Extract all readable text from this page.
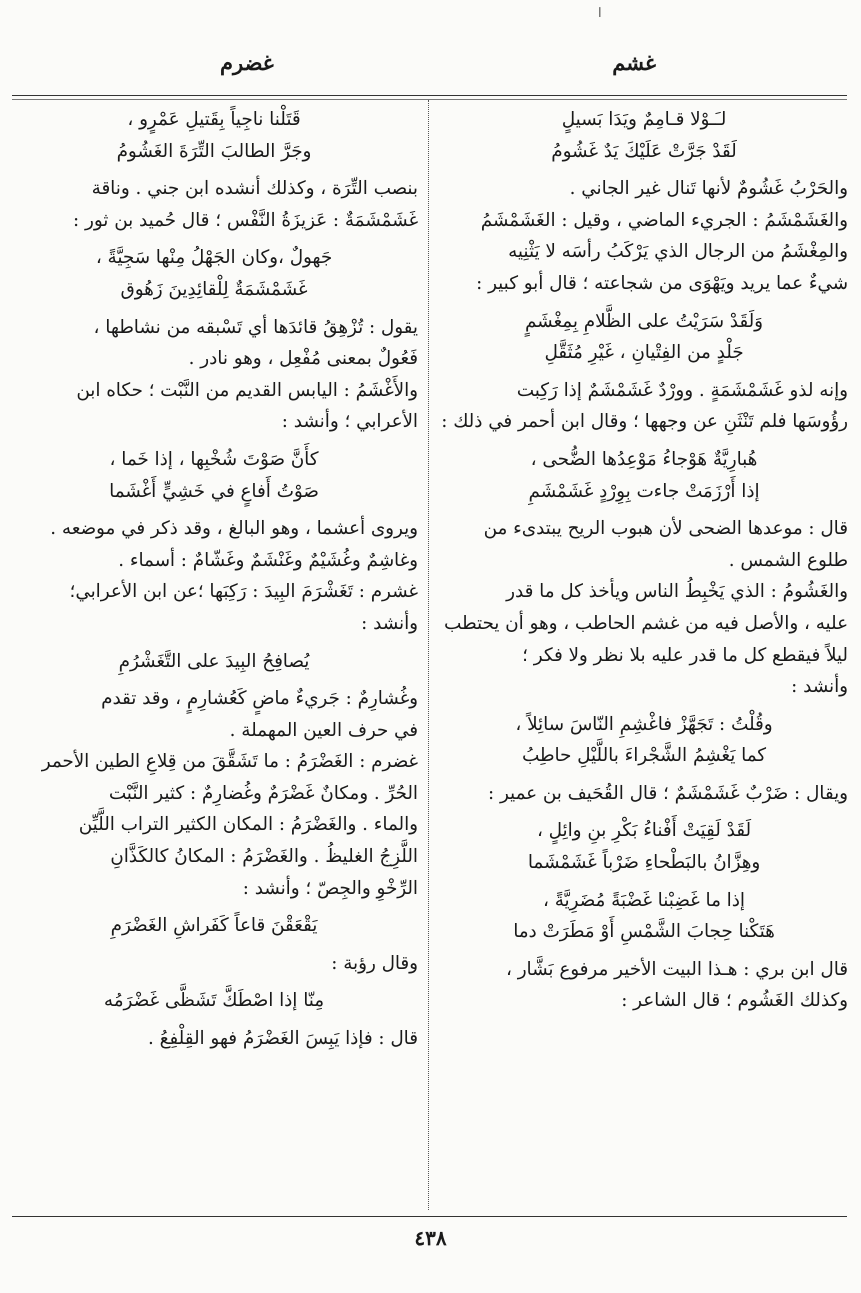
ا
غشم
غضرم

لـَـوْلا قـامِمٌ ويَدَا بَسيلٍ

لَقَدْ جَرَّتْ عَلَيْكَ يَدٌ غَشُومُ

والحَرْبُ غَشُومٌ لأنها تَنال غير الجاني .

والغَشَمْشَمُ : الجريء الماضي ، وقيل : الغَشَمْشَمُ

والمِغْشَمُ من الرجال الذي يَرْكَبُ رأسَه لا يَثْنِيه

شيءٌ عما يريد ويَهْوَى من شجاعته ؛ قال أبو كبير :

وَلَقَدْ سَرَيْتُ على الظَّلامِ بِمِغْشَمٍ

جَلْدٍ من الفِتْيانِ ، غَيْرِ مُثَقَّلِ

وإنه لذو غَشَمْشَمَةٍ . وورْدٌ غَشَمْشَمٌ إذا رَكِبت

رؤُوسَها فلم تَنْثَنِ عن وجهها ؛ وقال ابن أحمر في ذلك :

هُبارِيَّةٌ هَوْجاءُ مَوْعِدُها الضُّحى ،

إذا أَرْزَمَتْ جاءت بِوِرْدٍ غَشَمْشَمِ

قال : موعدها الضحى لأن هبوب الريح يبتدىء من

طلوع الشمس .

والغَشُومُ : الذي يَخْبِطُ الناس ويأخذ كل ما قدر

عليه ، والأصل فيه من غشم الحاطب ، وهو أن يحتطب

ليلاً فيقطع كل ما قدر عليه بلا نظر ولا فكر ؛

وأنشد :

وقُلْتُ : تَجَهَّزْ فاغْشِمِ النّاسَ سائِلاً ،

كما يَغْشِمُ الشَّجْراءَ باللَّيْلِ حاطِبُ

ويقال : ضَرْبٌ غَشَمْشَمٌ ؛ قال القُحَيف بن عمير :

لَقَدْ لَقِيَتْ أَفْناءُ بَكْرِ بنِ وائِلٍ ،

وهِزَّانُ بالبَطْحاءِ ضَرْباً غَشَمْشَما

إذا ما غَضِبْنا غَضْبَةً مُضَرِيَّةً ،

هَتَكْنا حِجابَ الشَّمْسِ أَوْ مَطَرَتْ دما

قال ابن بري : هـذا البيت الأخير مرفوع بَشَّار ،

وكذلك الغَشُوم ؛ قال الشاعر :

قَتَلْنا ناجِياً بِقَتيلِ عَمْرٍو ،

وجَرَّ الطالبَ التِّرَةَ الغَشُومُ

بنصب التِّرَة ، وكذلك أنشده ابن جني . وناقة

غَشَمْشَمَةٌ : عَزيزَةُ النَّفْس ؛ قال حُميد بن ثور :

جَهولٌ ،وكان الجَهْلُ مِنْها سَجِيَّةً ،

غَشَمْشَمَةٌ لِلْقائِدِينَ زَهُوق

يقول : تُزْهِقُ قائدَها أي تَسْبقه من نشاطها ،

فَعُولٌ بمعنى مُفْعِل ، وهو نادر .

والأَغْشَمُ : اليابس القديم من النَّبْت ؛ حكاه ابن

الأعرابي ؛ وأنشد :

كأَنَّ صَوْتَ شُخْبِها ، إذا خَما ،

صَوْتُ أَفاعٍ في خَشِيٍّ أَغْشَما

ويروى أعشما ، وهو البالغ ، وقد ذكر في موضعه .

وغاشِمٌ وغُشَيْمٌ وغَنْشَمٌ وغَشّامٌ : أسماء .

غشرم : تَغَشْرَمَ البِيدَ : رَكِبَها ؛عن ابن الأعرابي؛

وأنشد :

يُصافِحُ البِيدَ على التَّغَشْرُمِ

وغُشارِمٌ : جَريءٌ ماضٍ كَعُشارِمٍ ، وقد تقدم

في حرف العين المهملة .

غضرم : الغَضْرَمُ : ما تَشَقَّقَ من قِلاعِ الطين الأحمر

الحُرِّ . ومكانٌ غَضْرَمٌ وغُضارِمٌ : كثير النَّبْت

والماء . والغَضْرَمُ : المكان الكثير التراب اللَّيِّن

اللَّزِجُ الغليظُ . والغَضْرَمُ : المكانُ كالكَذَّانِ

الرِّخْوِ والجِصّ ؛ وأنشد :

يَقْعَقْنَ قاعاً كَفَراشِ الغَضْرَمِ

وقال رؤبة :

مِنّا إذا اصْطَكَّ تَشَظَّى غَضْرَمُه

قال : فإذا يَبِسَ الغَضْرَمُ فهو القِلْفِعُ .

٤٣٨
